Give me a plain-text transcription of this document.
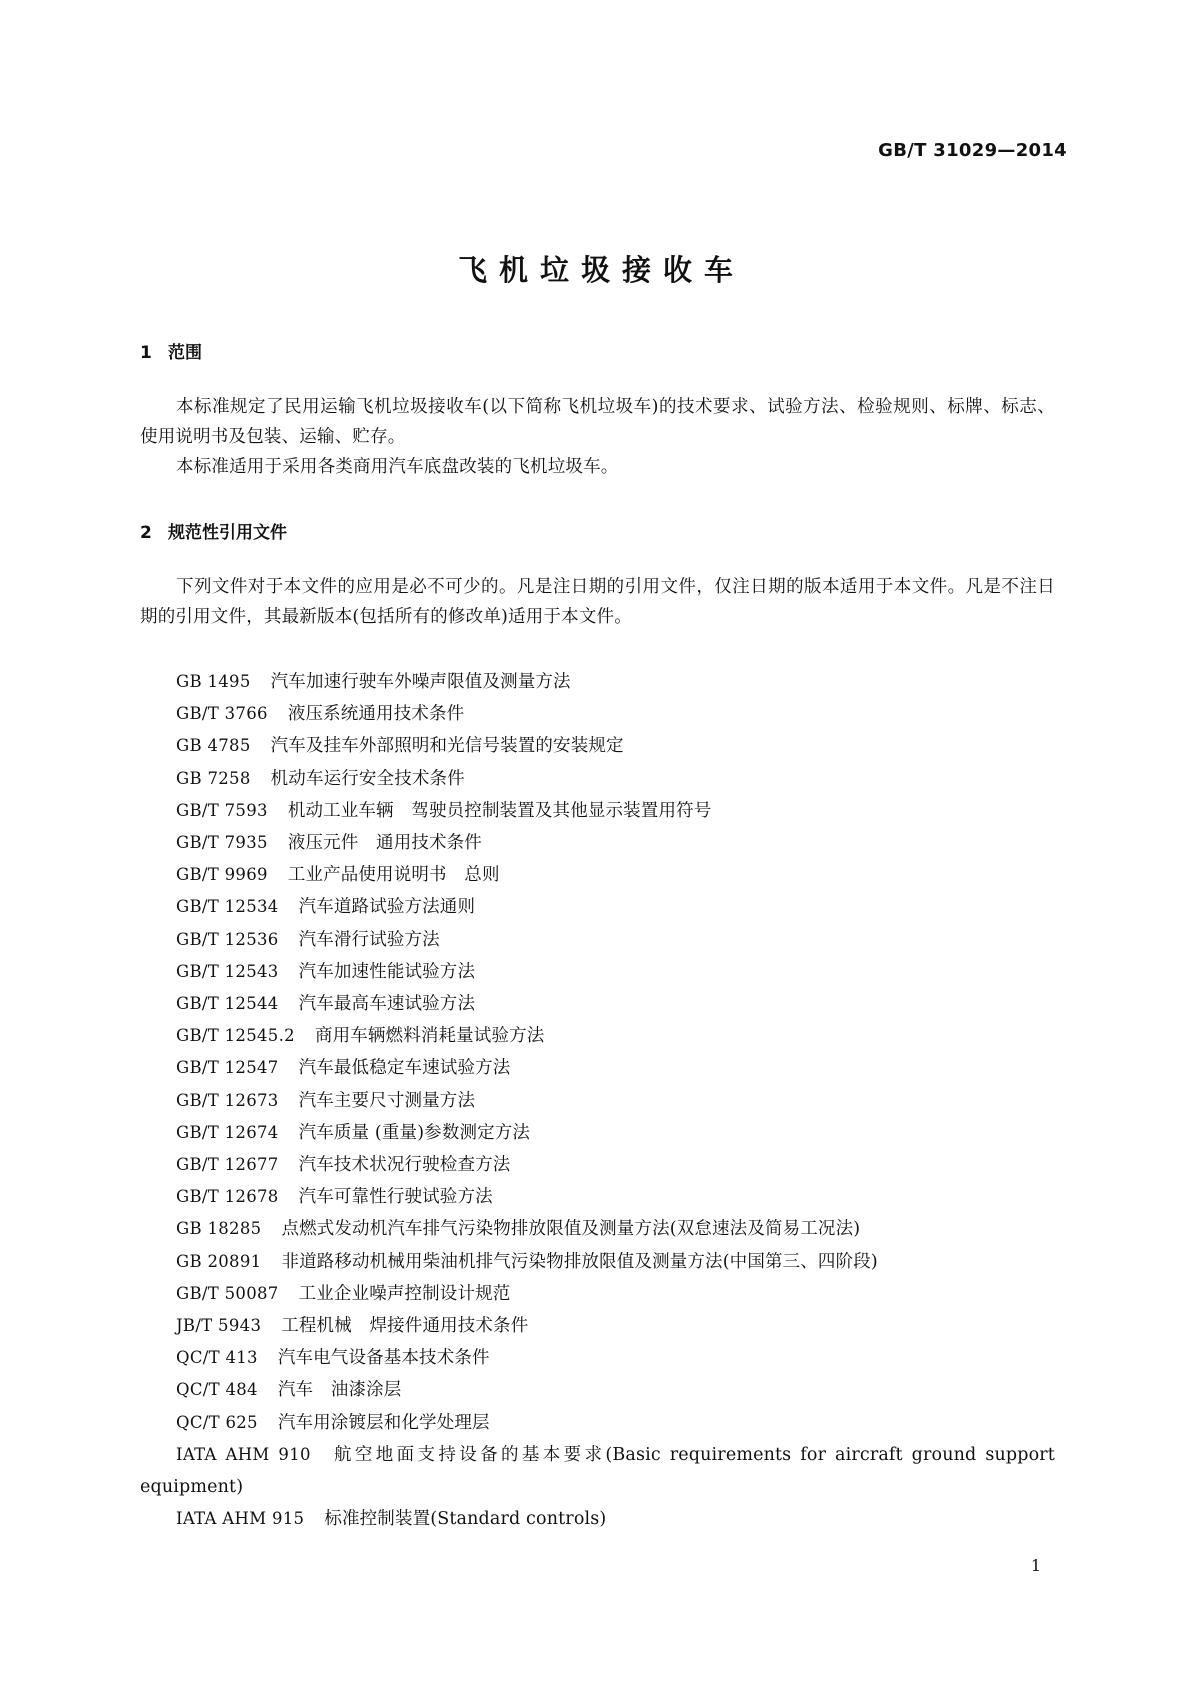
GB/T 31029—2014
飞机垃圾接收车
1 范围
本标准规定了民用运输飞机垃圾接收车(以下简称飞机垃圾车)的技术要求、试验方法、检验规则、标牌、标志、使用说明书及包装、运输、贮存。
本标准适用于采用各类商用汽车底盘改装的飞机垃圾车。
2 规范性引用文件
下列文件对于本文件的应用是必不可少的。凡是注日期的引用文件，仅注日期的版本适用于本文件。凡是不注日期的引用文件，其最新版本(包括所有的修改单)适用于本文件。
GB 1495 汽车加速行驶车外噪声限值及测量方法
GB/T 3766 液压系统通用技术条件
GB 4785 汽车及挂车外部照明和光信号装置的安装规定
GB 7258 机动车运行安全技术条件
GB/T 7593 机动工业车辆　驾驶员控制装置及其他显示装置用符号
GB/T 7935 液压元件　通用技术条件
GB/T 9969 工业产品使用说明书　总则
GB/T 12534 汽车道路试验方法通则
GB/T 12536 汽车滑行试验方法
GB/T 12543 汽车加速性能试验方法
GB/T 12544 汽车最高车速试验方法
GB/T 12545.2 商用车辆燃料消耗量试验方法
GB/T 12547 汽车最低稳定车速试验方法
GB/T 12673 汽车主要尺寸测量方法
GB/T 12674 汽车质量 (重量)参数测定方法
GB/T 12677 汽车技术状况行驶检查方法
GB/T 12678 汽车可靠性行驶试验方法
GB 18285 点燃式发动机汽车排气污染物排放限值及测量方法(双怠速法及简易工况法)
GB 20891 非道路移动机械用柴油机排气污染物排放限值及测量方法(中国第三、四阶段)
GB/T 50087 工业企业噪声控制设计规范
JB/T 5943 工程机械　焊接件通用技术条件
QC/T 413 汽车电气设备基本技术条件
QC/T 484 汽车　油漆涂层
QC/T 625 汽车用涂镀层和化学处理层
IATA AHM 910 航空地面支持设备的基本要求(Basic requirements for aircraft ground support equipment)
IATA AHM 915 标准控制装置(Standard controls)
1
